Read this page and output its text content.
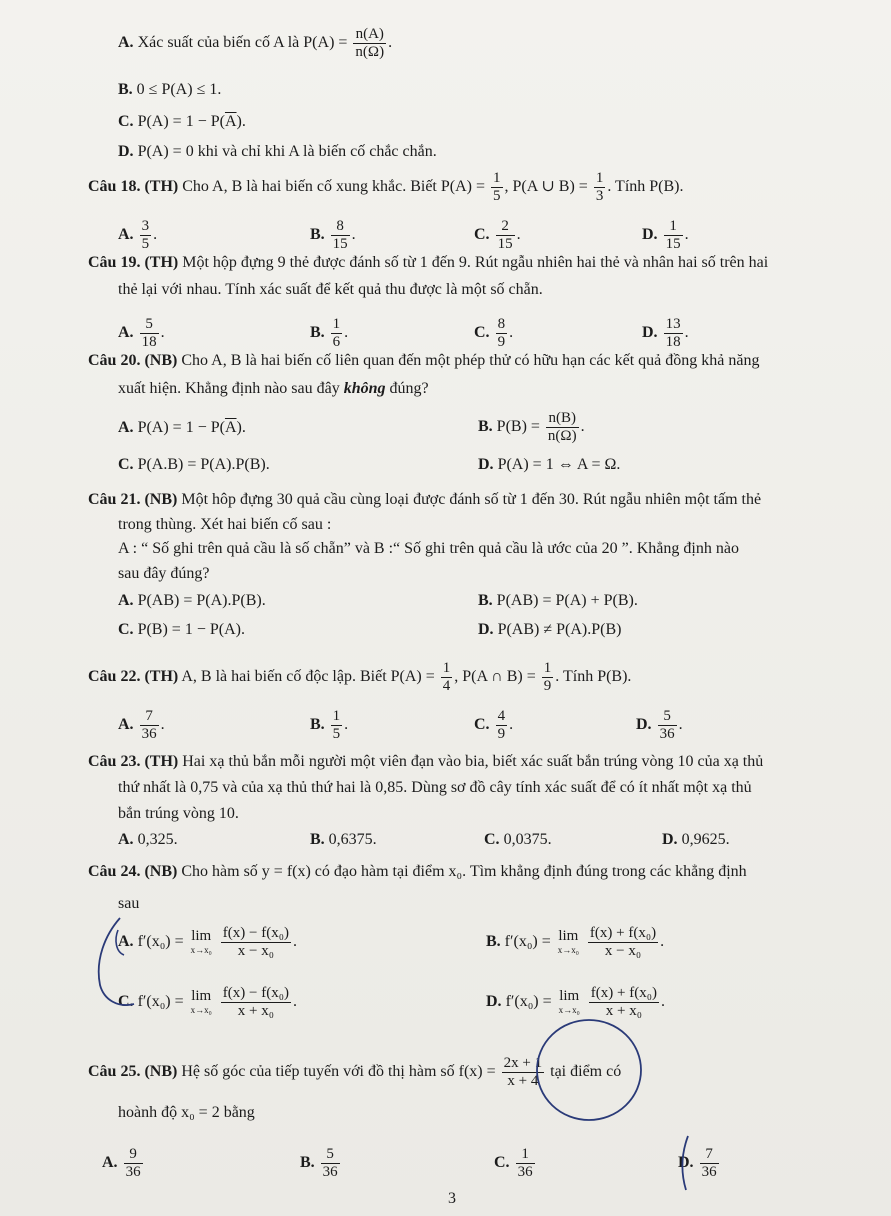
A. Xác suất của biến cố A là $P(A) = \frac{n(A)}{n(\Omega)}$ .
B. 0 ≤ P(A) ≤ 1.
C. $P(A) = 1 - P(\overline{A})$.
D. P(A) = 0 khi và chỉ khi A là biến cố chắc chắn.
Câu 18. (TH) Cho A, B là hai biến cố xung khắc. Biết $P(A) = \frac{1}{5}$ , P(A ∪ $B) = \frac{1}{3}$ . Tính P(B).
A. $\frac{3}{5}$ .	B. $\frac{8}{15}$ .	C. $\frac{2}{15}$ .	D. $\frac{1}{15}$ .
Câu 19. (TH) Một hộp đựng 9 thẻ được đánh số từ 1 đến 9. Rút ngẫu nhiên hai thẻ và nhân hai số trên hai
thẻ lại với nhau. Tính xác suất để kết quả thu được là một số chẵn.
A. $\frac{5}{18}$ .	B. $\frac{1}{6}$ .	C. $\frac{8}{9}$ .	D. $\frac{13}{18}$ .
Câu 20. (NB) Cho A, B là hai biến cố liên quan đến một phép thử có hữu hạn các kết quả đồng khả năng
xuất hiện. Khẳng định nào sau đây không đúng?
A. $P(A) = 1 - P(\overline{A})$.	B. $P(B) = \frac{n(B)}{n(\Omega)}$ .
C. P(A.B) = P(A).P(B).	D. P(A) = 1 ⇔ A = Ω.
Câu 21. (NB) Một hôp đựng 30 quả cầu cùng loại được đánh số từ 1 đến 30. Rút ngẫu nhiên một tấm thẻ
trong thùng. Xét hai biến cố sau :
A : “ Số ghi trên quả cầu là số chẵn” và B :“ Số ghi trên quả cầu là ước của 20 ”. Khẳng định nào
sau đây đúng?
A. P(AB) = P(A).P(B).	B. P(AB) = P(A) + P(B).
C. P(B) = 1 − P(A).	D. P(AB) ≠ P(A).P(B)
Câu 22. (TH) A, B là hai biến cố độc lập. Biết $P(A) = \frac{1}{4}$ , P(A ∩ $B) = \frac{1}{9}$ . Tính P(B).
A. $\frac{7}{36}$ .	B. $\frac{1}{5}$ .	C. $\frac{4}{9}$ .	D. $\frac{5}{36}$ .
Câu 23. (TH) Hai xạ thủ bắn mỗi người một viên đạn vào bia, biết xác suất bắn trúng vòng 10 của xạ thủ
thứ nhất là 0,75 và của xạ thủ thứ hai là 0,85. Dùng sơ đồ cây tính xác suất để có ít nhất một xạ thủ
bắn trúng vòng 10.
A. 0,325.	B. 0,6375.	C. 0,0375.	D. 0,9625.
Câu 24. (NB) Cho hàm số y = f(x) có đạo hàm tại điểm x₀. Tìm khẳng định đúng trong các khẳng định
sau
A. f′(x₀) = lim
x→x₀
$\frac{\text{f(x) − f(x₀)}}{\text{x − x₀}}$ .	B. f′(x₀) = lim
x→x₀
$\frac{\text{f(x) + f(x₀)}}{\text{x − x₀}}$ .
C. f′(x₀) = lim
x→x₀
$\frac{\text{f(x) − f(x₀)}}{\text{x + x₀}}$ .	D. f′(x₀) = lim
x→x₀
$\frac{\text{f(x) + f(x₀)}}{\text{x + x₀}}$ .
Câu 25. (NB) Hệ số góc của tiếp tuyến với đồ thị hàm số $f(x) = \frac{2x + 1}{x + 4}$ tại điểm có
hoành độ x₀ = 2 bằng
A. $\frac{9}{36}$	B. $\frac{5}{36}$	C. $\frac{1}{36}$	D. $\frac{7}{36}$
3
